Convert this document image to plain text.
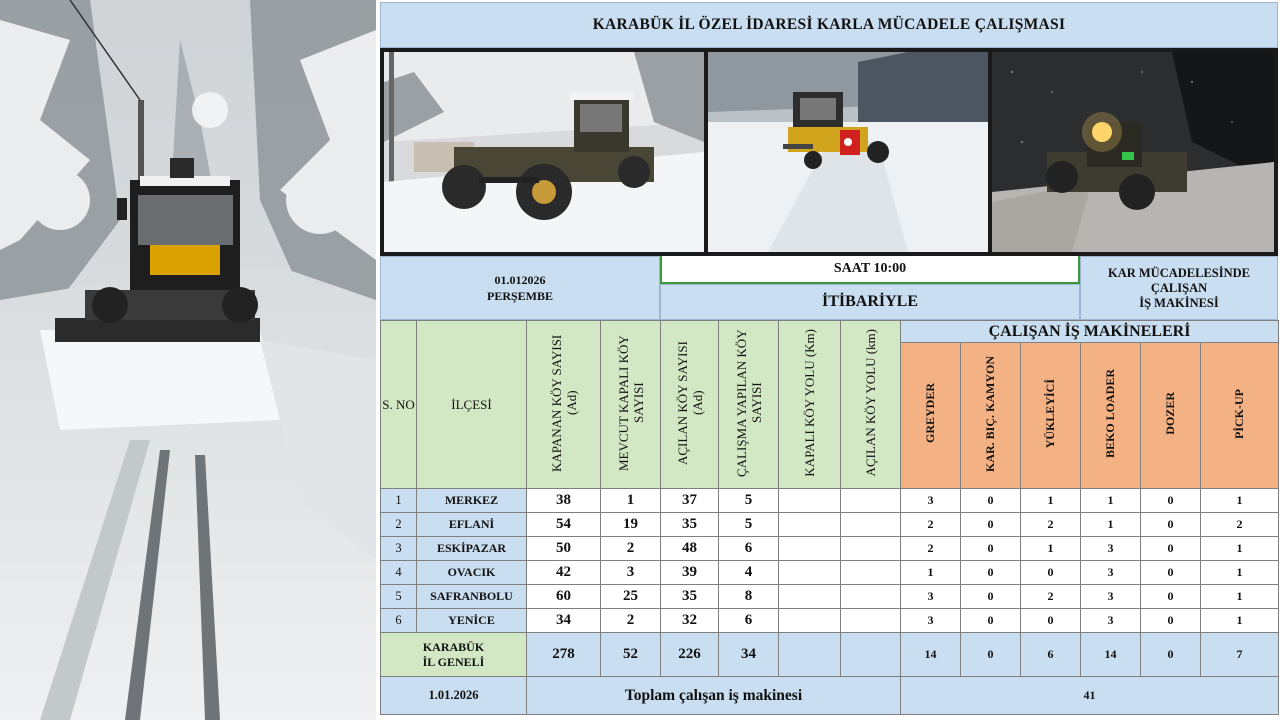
KARABÜK İL ÖZEL İDARESİ KARLA MÜCADELE ÇALIŞMASI
01.012026
PERŞEMBE
SAAT 10:00
İTİBARİYLE
KAR MÜCADELESİNDE
ÇALIŞAN
İŞ MAKİNESİ
S. NO	İLÇESİ	KAPANAN KÖY SAYISI (Ad)	MEVCUT KAPALI KÖY SAYISI	AÇILAN KÖY SAYISI (Ad)	ÇALIŞMA YAPILAN KÖY SAYISI	KAPALI KÖY YOLU (Km)	AÇILAN KÖY YOLU (km)	ÇALIŞAN İŞ MAKİNELERİ					
								GREYDER	KAR. BIÇ. KAMYON	YÜKLEYİCİ	BEKO LOADER	DOZER	PİCK-UP
1	MERKEZ	38	1	37	5			3	0	1	1	0	1
2	EFLANİ	54	19	35	5			2	0	2	1	0	2
3	ESKİPAZAR	50	2	48	6			2	0	1	3	0	1
4	OVACIK	42	3	39	4			1	0	0	3	0	1
5	SAFRANBOLU	60	25	35	8			3	0	2	3	0	1
6	YENİCE	34	2	32	6			3	0	0	3	0	1

KARABÜK
İL GENELİ		278	52	226	34			14	0	6	14	0	7
1.01.2026		Toplam çalışan iş makinesi						41					
